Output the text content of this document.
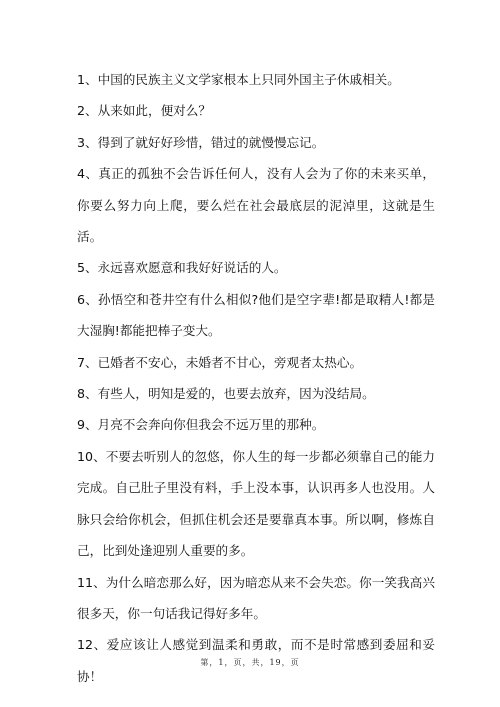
1、中国的民族主义文学家根本上只同外国主子休戚相关。

2、从来如此，便对么？

3、得到了就好好珍惜，错过的就慢慢忘记。

4、真正的孤独不会告诉任何人，没有人会为了你的未来买单，你要么努力向上爬，要么烂在社会最底层的泥淖里，这就是生活。

5、永远喜欢愿意和我好好说话的人。

6、孙悟空和苍井空有什么相似?他们是空字辈!都是取精人!都是大湿胸!都能把棒子变大。

7、已婚者不安心，未婚者不甘心，旁观者太热心。

8、有些人，明知是爱的，也要去放弃，因为没结局。

9、月亮不会奔向你但我会不远万里的那种。

10、不要去听别人的忽悠，你人生的每一步都必须靠自己的能力完成。自己肚子里没有料，手上没本事，认识再多人也没用。人脉只会给你机会，但抓住机会还是要靠真本事。所以啊，修炼自己，比到处逢迎别人重要的多。

11、为什么暗恋那么好，因为暗恋从来不会失恋。你一笑我高兴很多天，你一句话我记得好多年。

12、爱应该让人感觉到温柔和勇敢，而不是时常感到委屈和妥协！

第，1，页，共，19，页
